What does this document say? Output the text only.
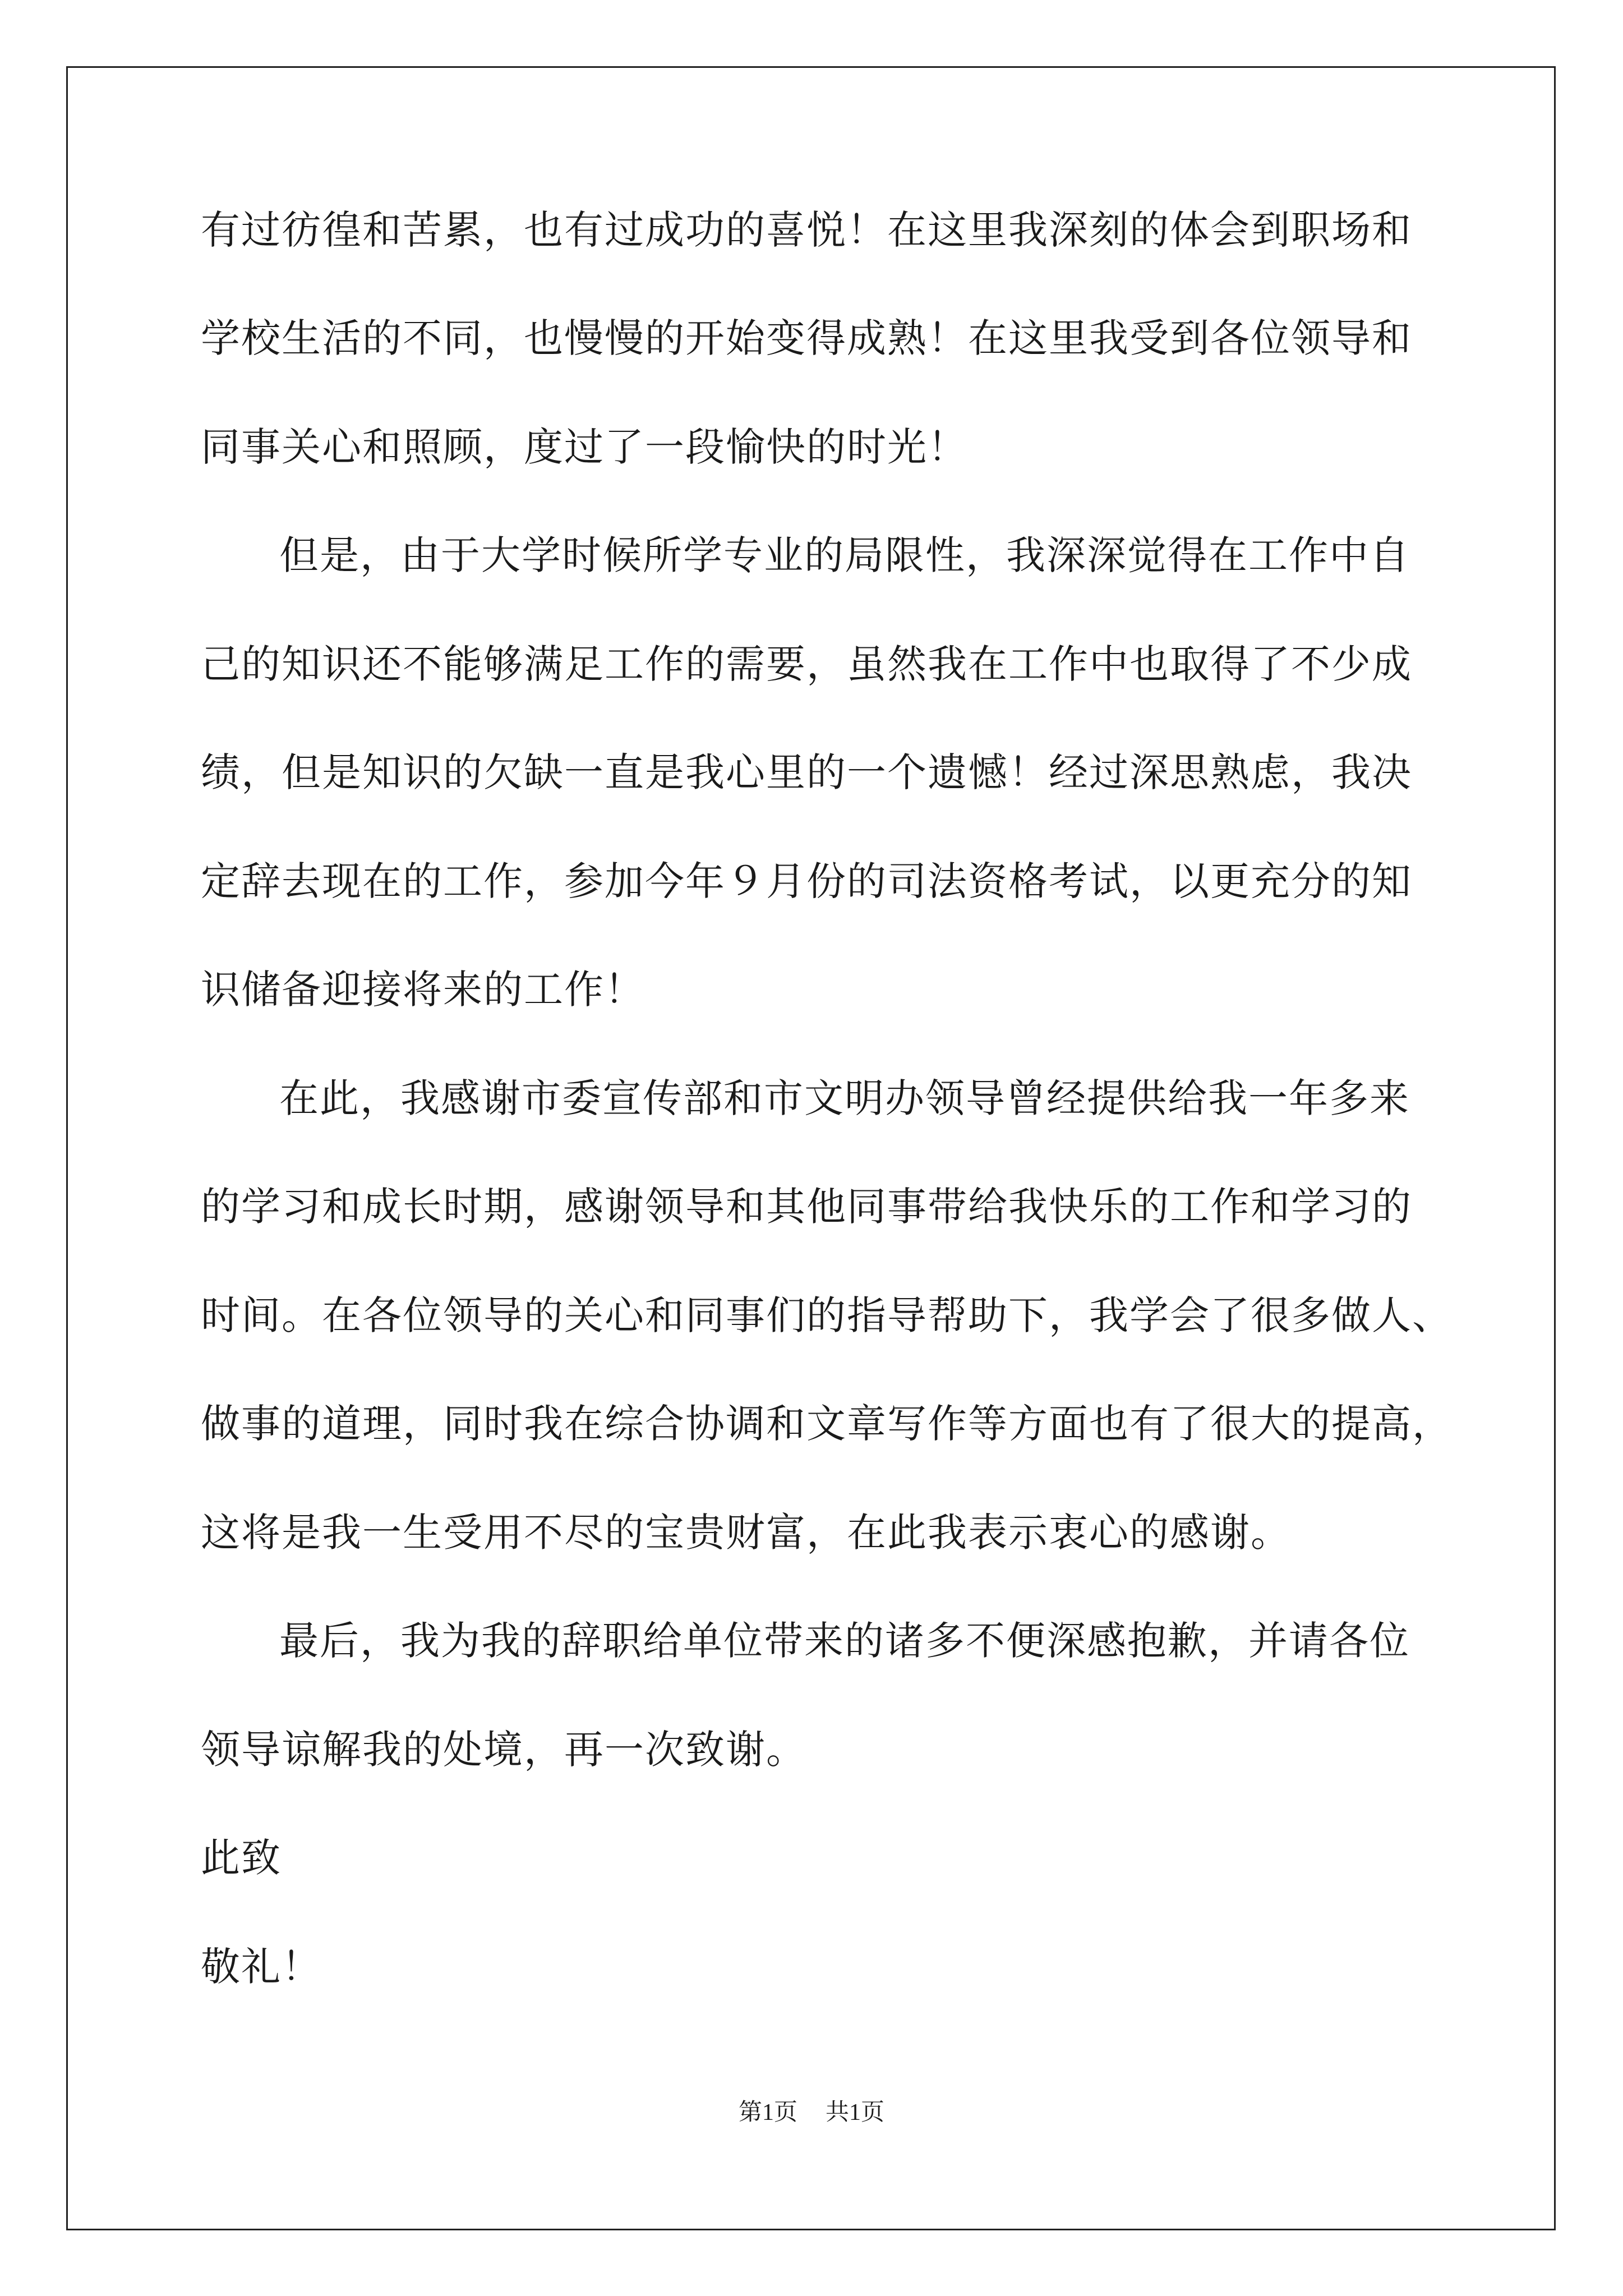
有过彷徨和苦累，也有过成功的喜悦！在这里我深刻的体会到职场和
学校生活的不同，也慢慢的开始变得成熟！在这里我受到各位领导和
同事关心和照顾，度过了一段愉快的时光！
但是，由于大学时候所学专业的局限性，我深深觉得在工作中自
己的知识还不能够满足工作的需要，虽然我在工作中也取得了不少成
绩，但是知识的欠缺一直是我心里的一个遗憾！经过深思熟虑，我决
定辞去现在的工作，参加今年９月份的司法资格考试，以更充分的知
识储备迎接将来的工作！
在此，我感谢市委宣传部和市文明办领导曾经提供给我一年多来
的学习和成长时期，感谢领导和其他同事带给我快乐的工作和学习的
时间。在各位领导的关心和同事们的指导帮助下，我学会了很多做人、
做事的道理，同时我在综合协调和文章写作等方面也有了很大的提高，
这将是我一生受用不尽的宝贵财富，在此我表示衷心的感谢。
最后，我为我的辞职给单位带来的诸多不便深感抱歉，并请各位
领导谅解我的处境，再一次致谢。
此致
敬礼！
第1页 共1页
